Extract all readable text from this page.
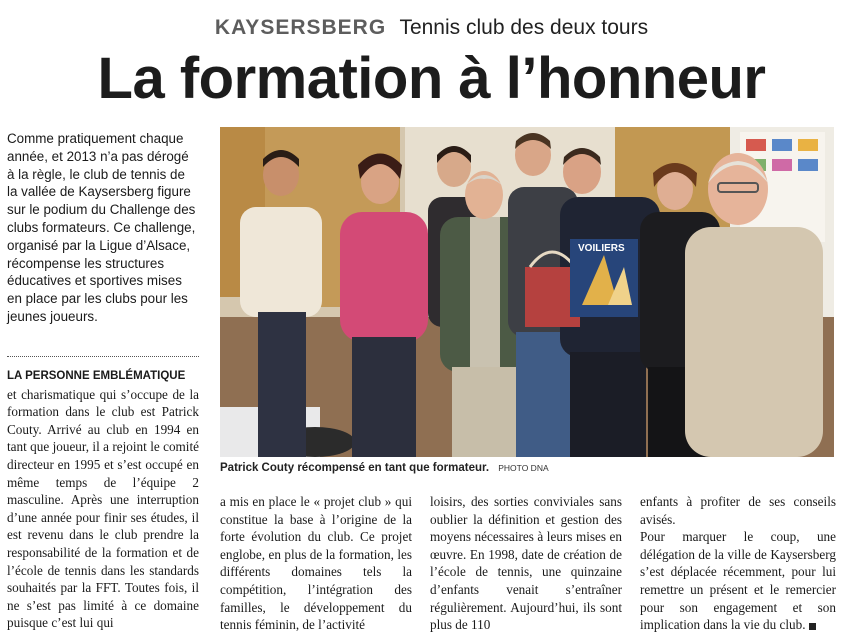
KAYSERSBERG Tennis club des deux tours
La formation à l’honneur

Comme pratiquement chaque année, et 2013 n’a pas dérogé à la règle, le club de tennis de la vallée de Kaysersberg figure sur le podium du Challenge des clubs formateurs. Ce challenge, organisé par la Ligue d’Alsace, récompense les structures éducatives et sportives mises en place par les clubs pour les jeunes joueurs.

LA PERSONNE EMBLÉMATIQUE
et charismatique qui s’occupe de la formation dans le club est Patrick Couty. Arrivé au club en 1994 en tant que joueur, il a rejoint le comité directeur en 1995 et s’est occupé en même temps de l’équipe 2 masculine. Après une interruption d’une année pour finir ses études, il est revenu dans le club prendre la responsabilité de la formation et de l’école de tennis dans les standards souhaités par la FFT. Toutes fois, il ne s’est pas limité à ce domaine puisque c’est lui qui

VOILIERS
Patrick Couty récompensé en tant que formateur. PHOTO DNA

a mis en place le « projet club » qui constitue la base à l’origine de la forte évolution du club. Ce projet englobe, en plus de la formation, les différents domaines tels la compétition, l’intégration des familles, le développement du tennis féminin, de l’activité

loisirs, des sorties conviviales sans oublier la définition et gestion des moyens nécessaires à leurs mises en œuvre. En 1998, date de création de l’école de tennis, une quinzaine d’enfants venait s’entraîner régulièrement. Aujourd’hui, ils sont plus de 110

enfants à profiter de ses conseils avisés.

Pour marquer le coup, une délégation de la ville de Kaysersberg s’est déplacée récemment, pour lui remettre un présent et le remercier pour son engagement et son implication dans la vie du club.
